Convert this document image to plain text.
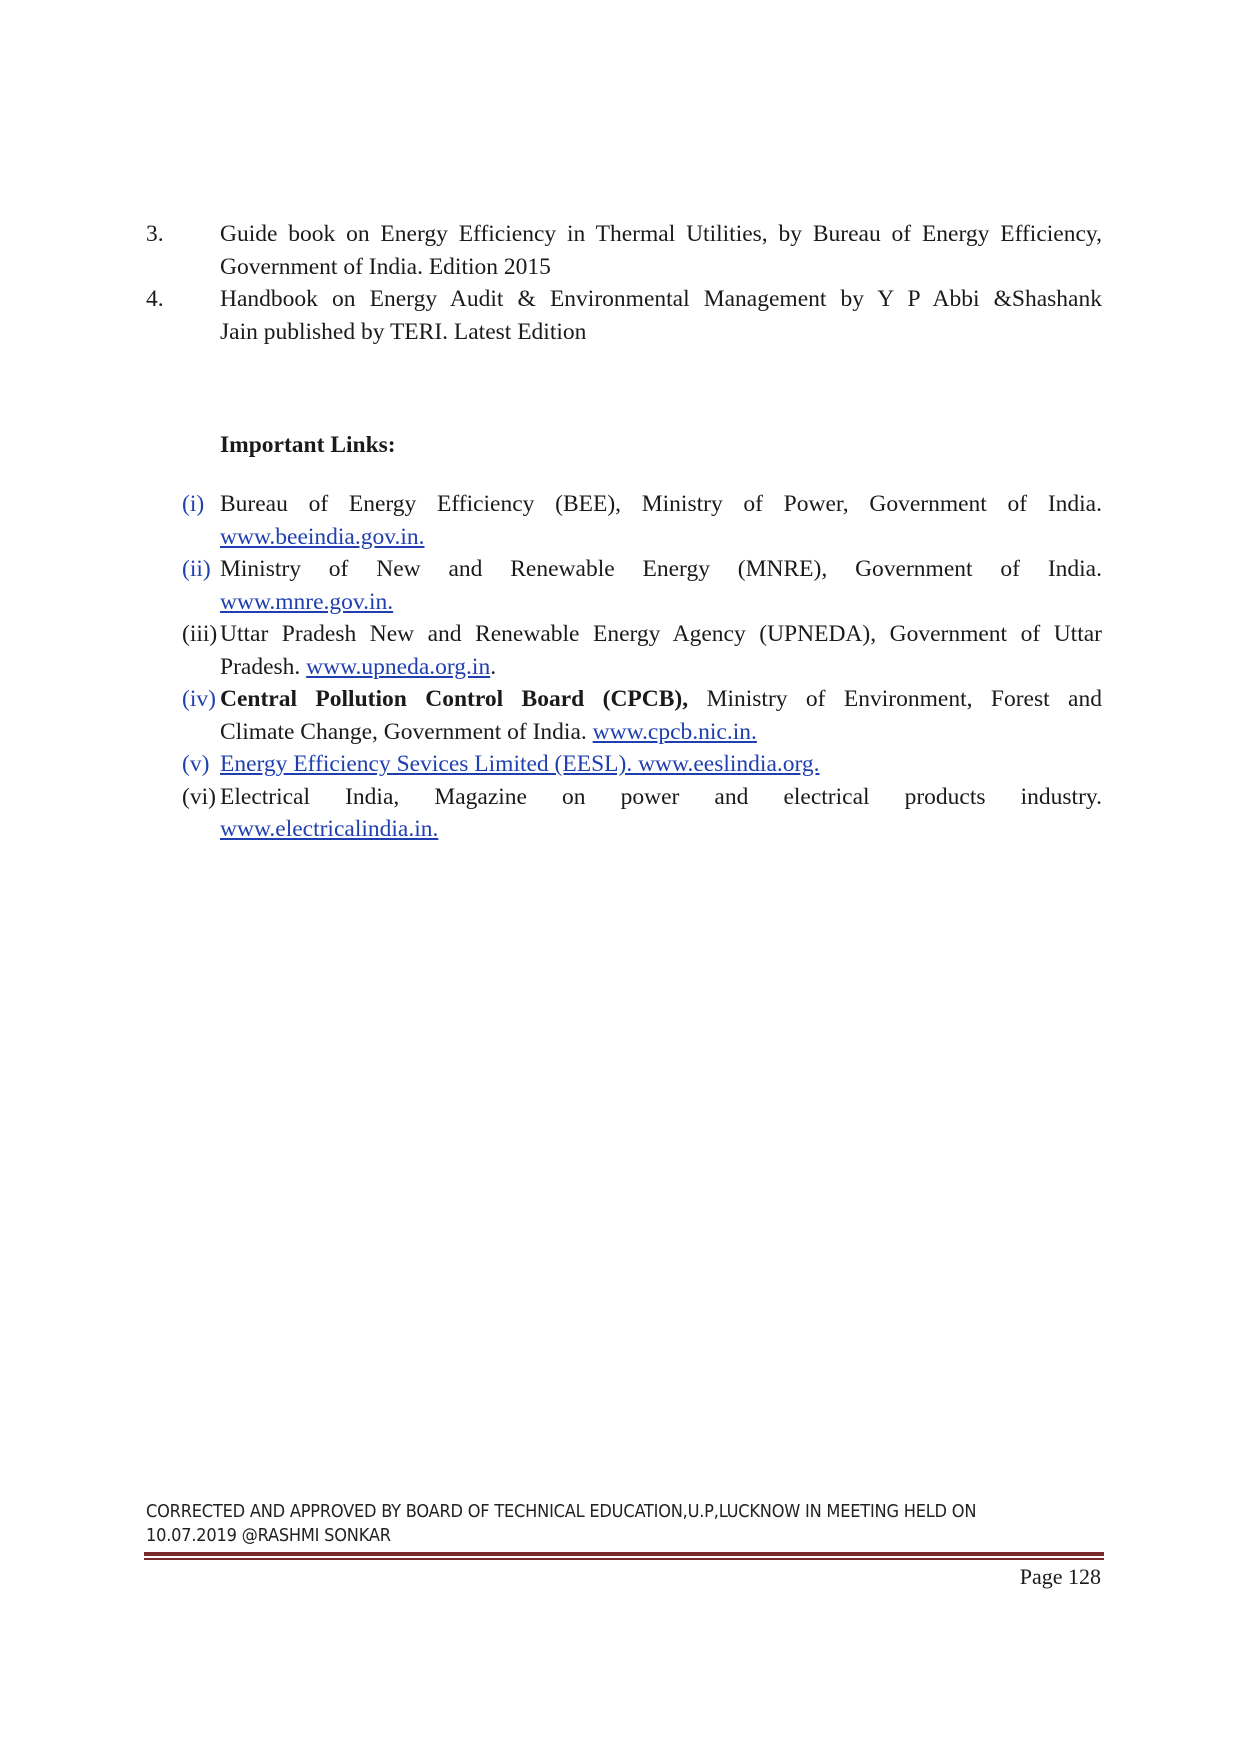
3. Guide book on Energy Efficiency in Thermal Utilities, by Bureau of Energy Efficiency,
Government of India. Edition 2015
4. Handbook on Energy Audit & Environmental Management by Y P Abbi &Shashank
Jain published by TERI. Latest Edition
Important Links:
(i) Bureau of Energy Efficiency (BEE), Ministry of Power, Government of India.
www.beeindia.gov.in.
(ii) Ministry of New and Renewable Energy (MNRE), Government of India.
www.mnre.gov.in.
(iii) Uttar Pradesh New and Renewable Energy Agency (UPNEDA), Government of Uttar
Pradesh. www.upneda.org.in.
(iv) Central Pollution Control Board (CPCB), Ministry of Environment, Forest and
Climate Change, Government of India. www.cpcb.nic.in.
(v) Energy Efficiency Sevices Limited (EESL). www.eeslindia.org.
(vi) Electrical India, Magazine on power and electrical products industry.
www.electricalindia.in.
CORRECTED AND APPROVED BY BOARD OF TECHNICAL EDUCATION,U.P,LUCKNOW IN MEETING HELD ON
10.07.2019 @RASHMI SONKAR
Page 128
